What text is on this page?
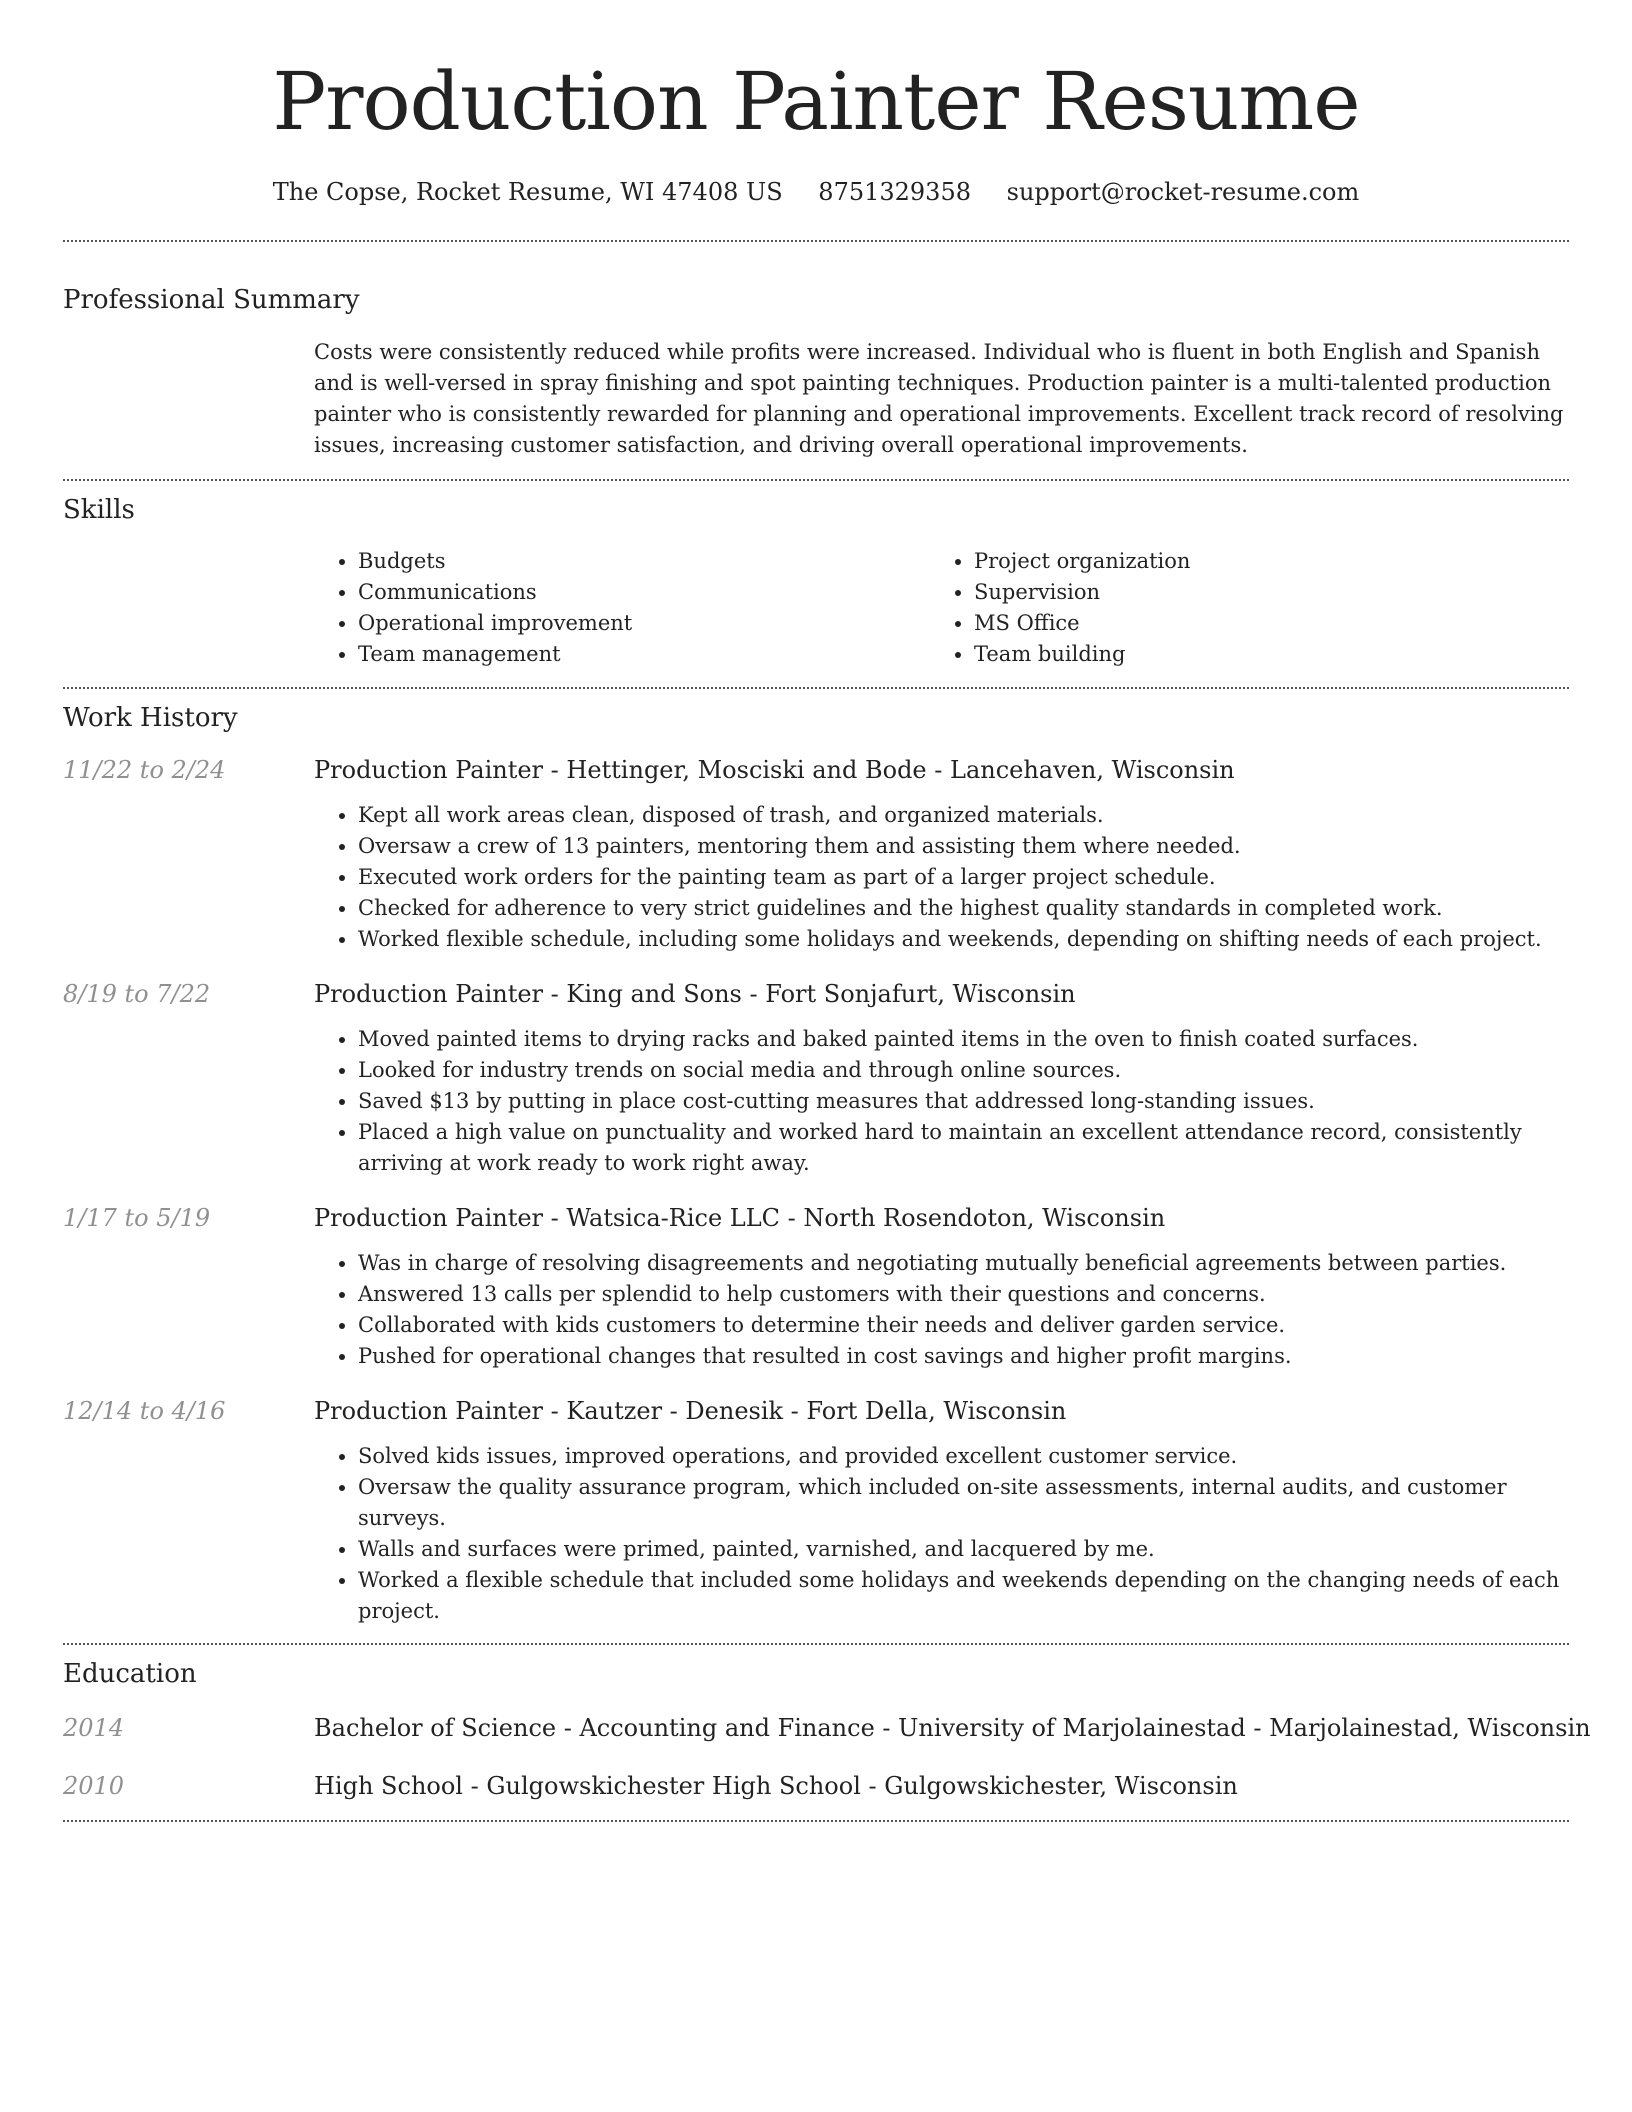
Production Painter Resume
The Copse, Rocket Resume, WI 47408 US 8751329358 support@rocket-resume.com
Professional Summary

Costs were consistently reduced while profits were increased. Individual who is fluent in both English and Spanish and is well-versed in spray finishing and spot painting techniques. Production painter is a multi-talented production painter who is consistently rewarded for planning and operational improvements. Excellent track record of resolving issues, increasing customer satisfaction, and driving overall operational improvements.

Skills
• Budgets
• Communications
• Operational improvement
• Team management
• Project organization
• Supervision
• MS Office
• Team building
Work History
11/22 to 2/24	Production Painter - Hettinger, Mosciski and Bode - Lancehaven, Wisconsin
• Kept all work areas clean, disposed of trash, and organized materials.
• Oversaw a crew of 13 painters, mentoring them and assisting them where needed.
• Executed work orders for the painting team as part of a larger project schedule.
• Checked for adherence to very strict guidelines and the highest quality standards in completed work.
• Worked flexible schedule, including some holidays and weekends, depending on shifting needs of each project.
8/19 to 7/22	Production Painter - King and Sons - Fort Sonjafurt, Wisconsin
• Moved painted items to drying racks and baked painted items in the oven to finish coated surfaces.
• Looked for industry trends on social media and through online sources.
• Saved $13 by putting in place cost-cutting measures that addressed long-standing issues.
• Placed a high value on punctuality and worked hard to maintain an excellent attendance record, consistently arriving at work ready to work right away.
1/17 to 5/19	Production Painter - Watsica-Rice LLC - North Rosendoton, Wisconsin
• Was in charge of resolving disagreements and negotiating mutually beneficial agreements between parties.
• Answered 13 calls per splendid to help customers with their questions and concerns.
• Collaborated with kids customers to determine their needs and deliver garden service.
• Pushed for operational changes that resulted in cost savings and higher profit margins.
12/14 to 4/16	Production Painter - Kautzer - Denesik - Fort Della, Wisconsin
• Solved kids issues, improved operations, and provided excellent customer service.
• Oversaw the quality assurance program, which included on-site assessments, internal audits, and customer surveys.
• Walls and surfaces were primed, painted, varnished, and lacquered by me.
• Worked a flexible schedule that included some holidays and weekends depending on the changing needs of each project.
Education
2014	Bachelor of Science - Accounting and Finance - University of Marjolainestad - Marjolainestad, Wisconsin
2010	High School - Gulgowskichester High School - Gulgowskichester, Wisconsin
